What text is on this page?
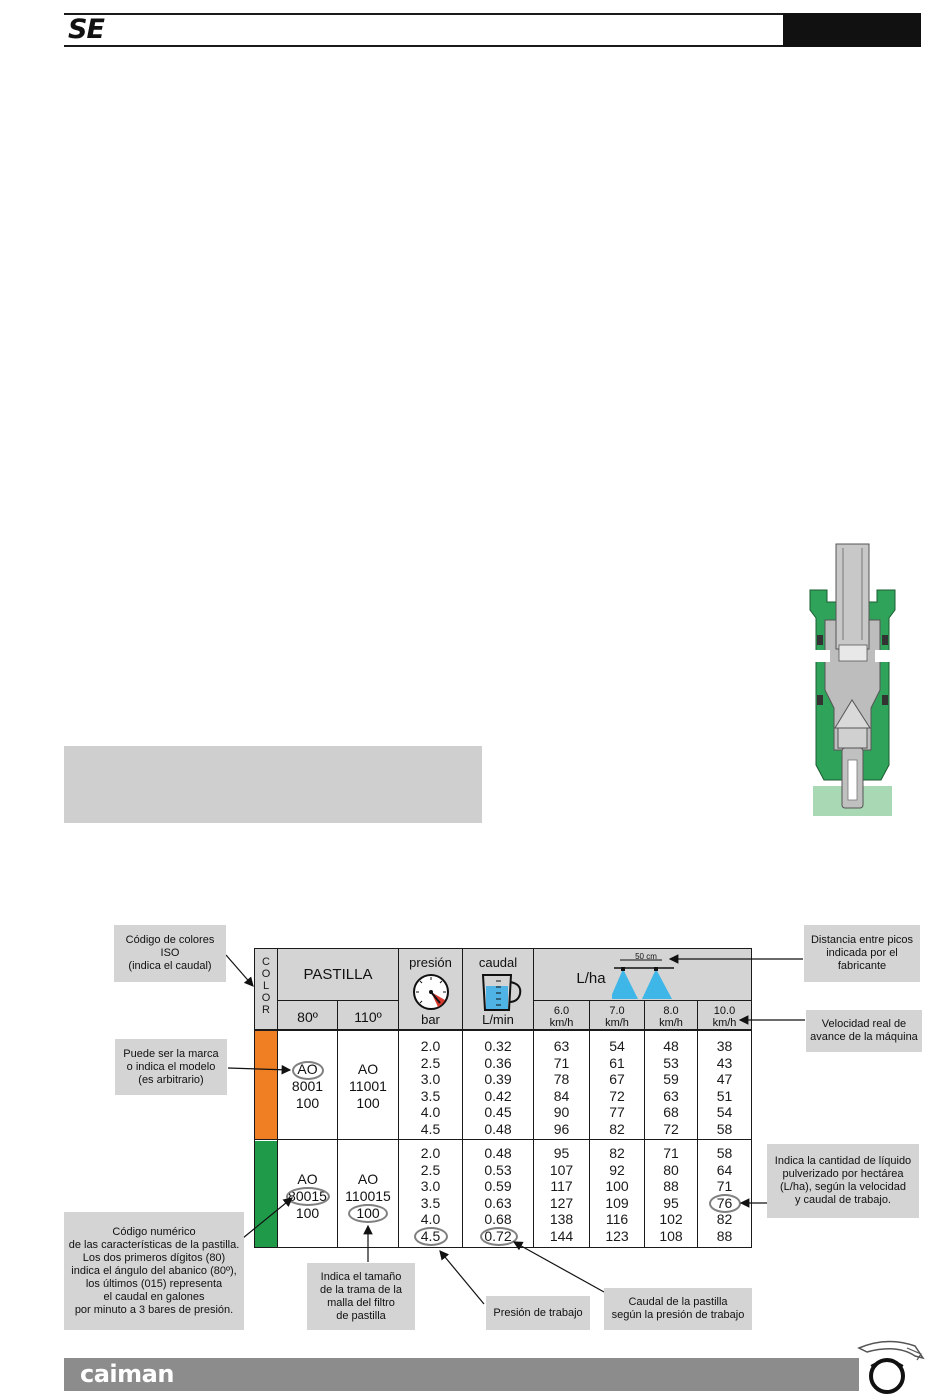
SE
C
O
L
O
R
PASTILLA
80º	110º
presión
bar
caudal
L/min
L/ha
50 cm
6.0
km/h
7.0
km/h
8.0
km/h
10.0
km/h
AO
8001
100
AO
11001
100
2.0
2.5
3.0
3.5
4.0
4.5
0.32
0.36
0.39
0.42
0.45
0.48
63
71
78
84
90
96
54
61
67
72
77
82
48
53
59
63
68
72
38
43
47
51
54
58
AO
80015
100
AO
110015
100
2.0
2.5
3.0
3.5
4.0
4.5
0.48
0.53
0.59
0.63
0.68
0.72
95
107
117
127
138
144
82
92
100
109
116
123
71
80
88
95
102
108
58
64
71
76
82
88
Código de colores
ISO
(indica el caudal)
Puede ser la marca
o indica el modelo
(es arbitrario)
Código numérico
de las características de la pastilla.
Los dos primeros dígitos (80)
indica el ángulo del abanico (80º),
los últimos (015) representa
el caudal en galones
por minuto a 3 bares de presión.
Indica el tamaño
de la trama de la
malla del filtro
de pastilla	Presión de trabajo
Caudal de la pastilla
según la presión de trabajo
Distancia entre picos
indicada por el
fabricante
Velocidad real de
avance de la máquina
Indica la cantidad de líquido
pulverizado por hectárea
(L/ha), según la velocidad
y caudal de trabajo.
caiman
